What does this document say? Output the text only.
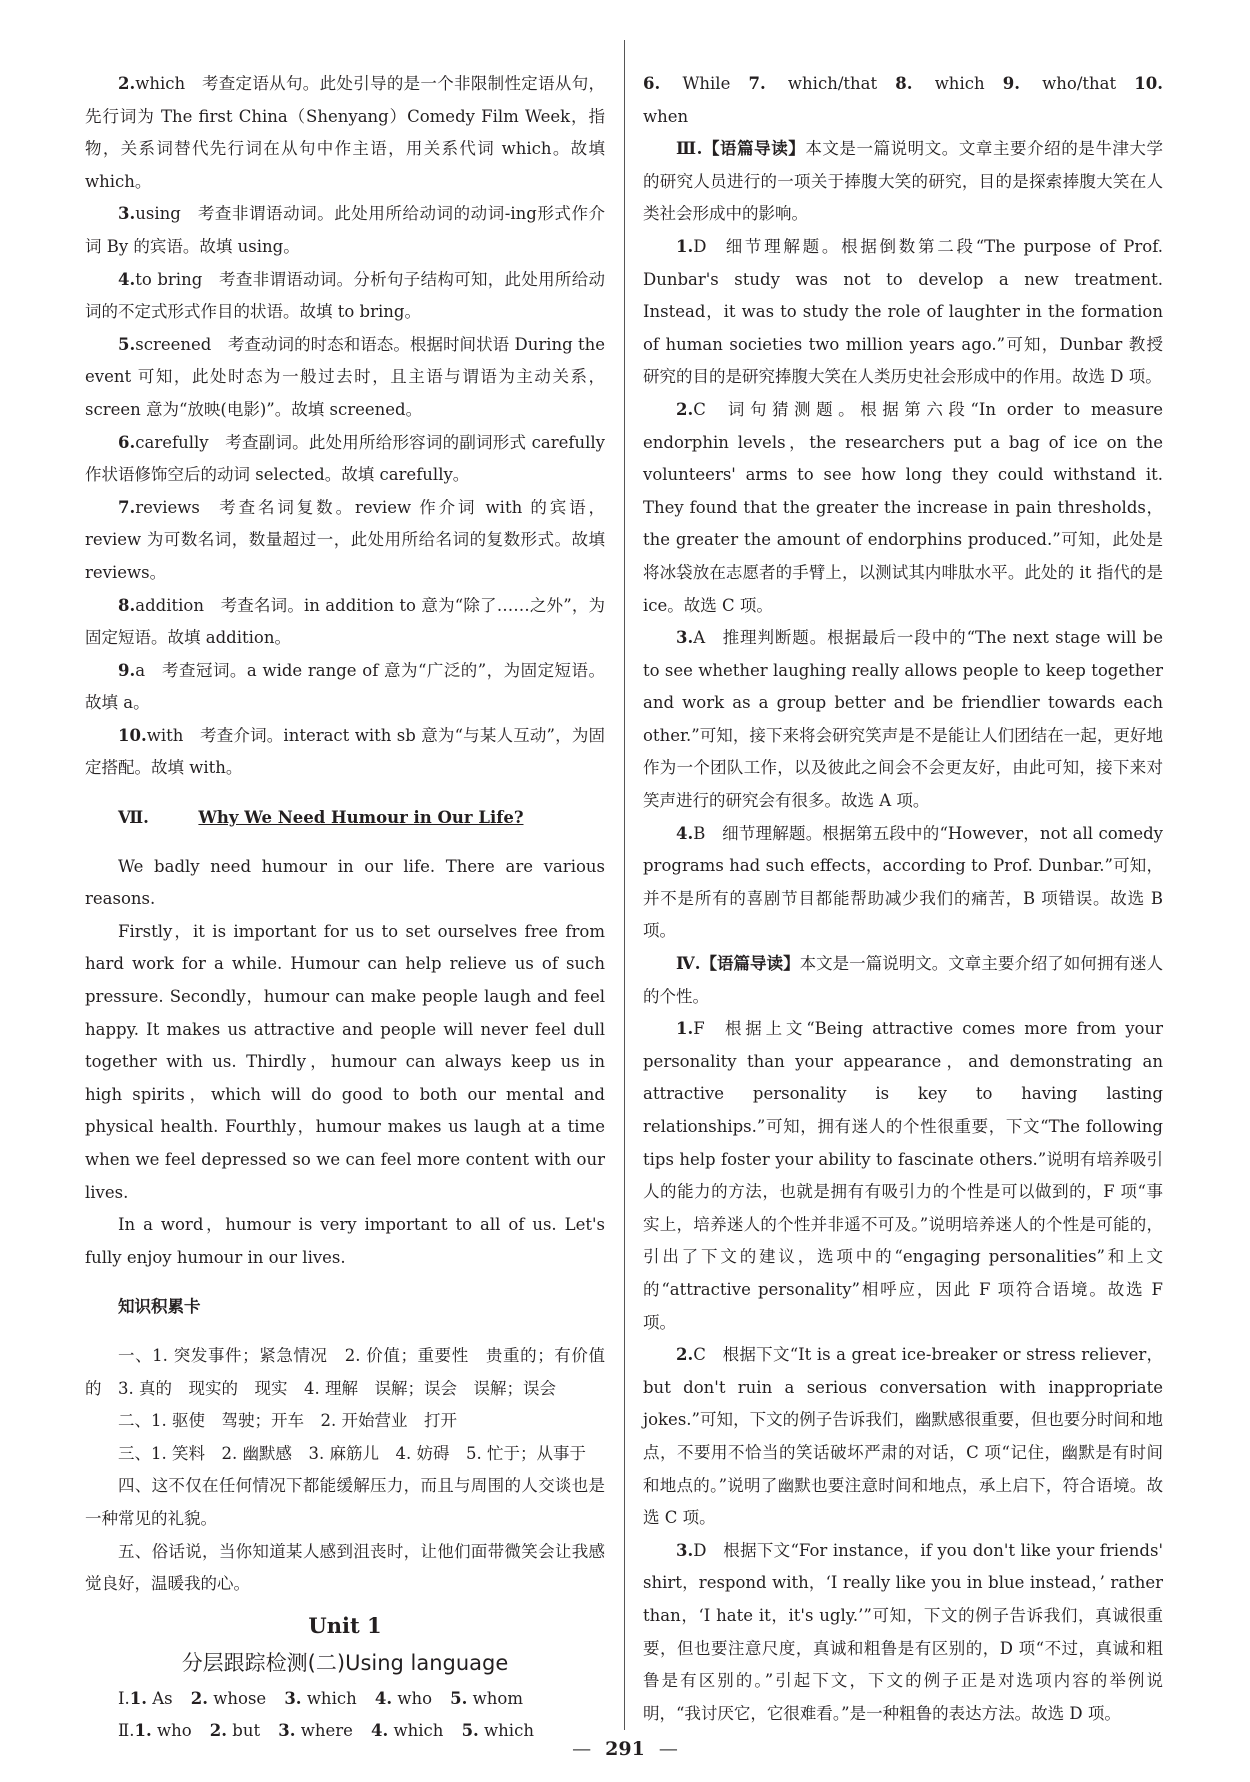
2.which 考查定语从句。此处引导的是一个非限制性定语从句，先行词为 The first China（Shenyang）Comedy Film Week，指物，关系词替代先行词在从句中作主语，用关系代词 which。故填 which。

3.using 考查非谓语动词。此处用所给动词的动词-ing形式作介词 By 的宾语。故填 using。

4.to bring 考查非谓语动词。分析句子结构可知，此处用所给动词的不定式形式作目的状语。故填 to bring。

5.screened 考查动词的时态和语态。根据时间状语 During the event 可知，此处时态为一般过去时，且主语与谓语为主动关系，screen 意为“放映(电影)”。故填 screened。

6.carefully 考查副词。此处用所给形容词的副词形式 carefully 作状语修饰空后的动词 selected。故填 carefully。

7.reviews 考查名词复数。review 作介词 with 的宾语，review 为可数名词，数量超过一，此处用所给名词的复数形式。故填 reviews。

8.addition 考查名词。in addition to 意为“除了……之外”，为固定短语。故填 addition。

9.a 考查冠词。a wide range of 意为“广泛的”，为固定短语。故填 a。

10.with 考查介词。interact with sb 意为“与某人互动”，为固定搭配。故填 with。

Ⅶ.	Why We Need Humour in Our Life?

We badly need humour in our life. There are various reasons.

Firstly，it is important for us to set ourselves free from hard work for a while. Humour can help relieve us of such pressure. Secondly，humour can make people laugh and feel happy. It makes us attractive and people will never feel dull together with us. Thirdly，humour can always keep us in high spirits，which will do good to both our mental and physical health. Fourthly，humour makes us laugh at a time when we feel depressed so we can feel more content with our lives.

In a word，humour is very important to all of us. Let's fully enjoy humour in our lives.

知识积累卡

一、1. 突发事件；紧急情况　2. 价值；重要性　贵重的；有价值的　3. 真的　现实的　现实　4. 理解　误解；误会　误解；误会

二、1. 驱使　驾驶；开车　2. 开始营业　打开

三、1. 笑料　2. 幽默感　3. 麻筋儿　4. 妨碍　5. 忙于；从事于

四、这不仅在任何情况下都能缓解压力，而且与周围的人交谈也是一种常见的礼貌。

五、俗话说，当你知道某人感到沮丧时，让他们面带微笑会让我感觉良好，温暖我的心。

Unit 1
分层跟踪检测(二)Using language

Ⅰ.1. As 2. whose 3. which 4. who 5. whom

Ⅱ.1. who 2. but 3. where 4. which 5. which

6. While 7. which/that 8. which 9. who/that 10. when

Ⅲ.【语篇导读】本文是一篇说明文。文章主要介绍的是牛津大学的研究人员进行的一项关于捧腹大笑的研究，目的是探索捧腹大笑在人类社会形成中的影响。

1.D 细节理解题。根据倒数第二段“The purpose of Prof. Dunbar's study was not to develop a new treatment. Instead，it was to study the role of laughter in the formation of human societies two million years ago.”可知，Dunbar 教授研究的目的是研究捧腹大笑在人类历史社会形成中的作用。故选 D 项。

2.C 词句猜测题。根据第六段“In order to measure endorphin levels，the researchers put a bag of ice on the volunteers' arms to see how long they could withstand it. They found that the greater the increase in pain thresholds，the greater the amount of endorphins produced.”可知，此处是将冰袋放在志愿者的手臂上，以测试其内啡肽水平。此处的 it 指代的是 ice。故选 C 项。

3.A 推理判断题。根据最后一段中的“The next stage will be to see whether laughing really allows people to keep together and work as a group better and be friendlier towards each other.”可知，接下来将会研究笑声是不是能让人们团结在一起，更好地作为一个团队工作，以及彼此之间会不会更友好，由此可知，接下来对笑声进行的研究会有很多。故选 A 项。

4.B 细节理解题。根据第五段中的“However，not all comedy programs had such effects，according to Prof. Dunbar.”可知，并不是所有的喜剧节目都能帮助减少我们的痛苦，B 项错误。故选 B 项。

Ⅳ.【语篇导读】本文是一篇说明文。文章主要介绍了如何拥有迷人的个性。

1.F 根据上文“Being attractive comes more from your personality than your appearance，and demonstrating an attractive personality is key to having lasting relationships.”可知，拥有迷人的个性很重要，下文“The following tips help foster your ability to fascinate others.”说明有培养吸引人的能力的方法，也就是拥有有吸引力的个性是可以做到的，F 项“事实上，培养迷人的个性并非遥不可及。”说明培养迷人的个性是可能的，引出了下文的建议，选项中的“engaging personalities”和上文的“attractive personality”相呼应，因此 F 项符合语境。故选 F 项。

2.C 根据下文“It is a great ice-breaker or stress reliever，but don't ruin a serious conversation with inappropriate jokes.”可知，下文的例子告诉我们，幽默感很重要，但也要分时间和地点，不要用不恰当的笑话破坏严肃的对话，C 项“记住，幽默是有时间和地点的。”说明了幽默也要注意时间和地点，承上启下，符合语境。故选 C 项。

3.D 根据下文“For instance，if you don't like your friends' shirt，respond with，‘I really like you in blue instead，’ rather than，‘I hate it，it's ugly.’”可知，下文的例子告诉我们，真诚很重要，但也要注意尺度，真诚和粗鲁是有区别的，D 项“不过，真诚和粗鲁是有区别的。”引起下文，下文的例子正是对选项内容的举例说明，“我讨厌它，它很难看。”是一种粗鲁的表达方法。故选 D 项。

— 291 —
